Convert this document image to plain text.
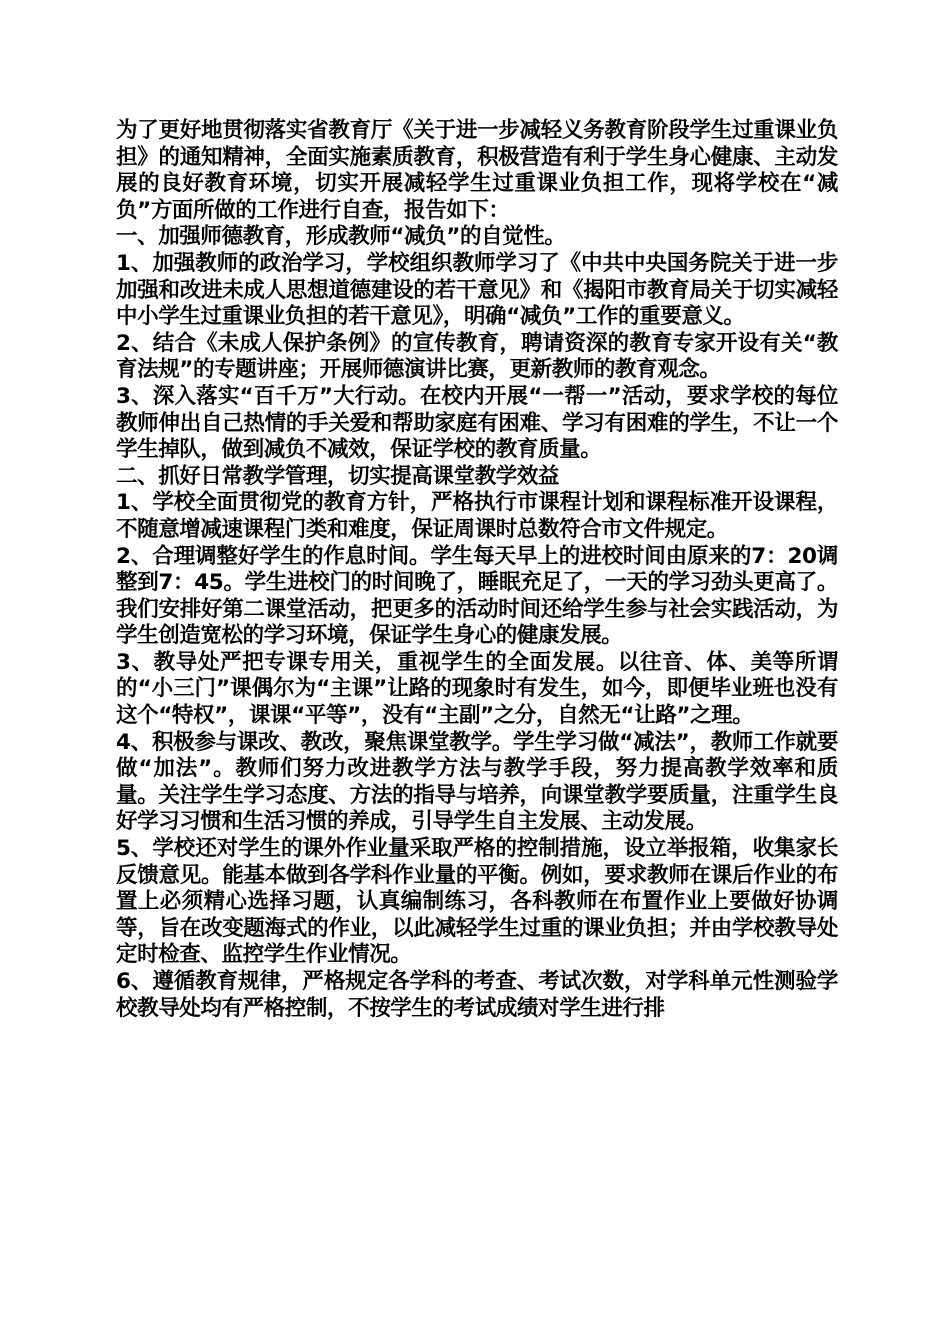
为了更好地贯彻落实省教育厅《关于进一步减轻义务教育阶段学生过重课业负担》的通知精神，全面实施素质教育，积极营造有利于学生身心健康、主动发展的良好教育环境，切实开展减轻学生过重课业负担工作，现将学校在“减负”方面所做的工作进行自查，报告如下：

一、加强师德教育，形成教师“减负”的自觉性。

1、加强教师的政治学习，学校组织教师学习了《中共中央国务院关于进一步加强和改进未成人思想道德建设的若干意见》和《揭阳市教育局关于切实减轻中小学生过重课业负担的若干意见》，明确“减负”工作的重要意义。

2、结合《未成人保护条例》的宣传教育，聘请资深的教育专家开设有关“教育法规”的专题讲座；开展师德演讲比赛，更新教师的教育观念。

3、深入落实“百千万”大行动。在校内开展“一帮一”活动，要求学校的每位教师伸出自己热情的手关爱和帮助家庭有困难、学习有困难的学生，不让一个学生掉队，做到减负不减效，保证学校的教育质量。

二、抓好日常教学管理，切实提高课堂教学效益

1、学校全面贯彻党的教育方针，严格执行市课程计划和课程标准开设课程，不随意增减速课程门类和难度，保证周课时总数符合市文件规定。

2、合理调整好学生的作息时间。学生每天早上的进校时间由原来的7：20调整到7：45。学生进校门的时间晚了，睡眠充足了，一天的学习劲头更高了。我们安排好第二课堂活动，把更多的活动时间还给学生参与社会实践活动，为学生创造宽松的学习环境，保证学生身心的健康发展。

3、教导处严把专课专用关，重视学生的全面发展。以往音、体、美等所谓的“小三门”课偶尔为“主课”让路的现象时有发生，如今，即便毕业班也没有这个“特权”，课课“平等”，没有“主副”之分，自然无“让路”之理。

4、积极参与课改、教改，聚焦课堂教学。学生学习做“减法”，教师工作就要做“加法”。教师们努力改进教学方法与教学手段，努力提高教学效率和质量。关注学生学习态度、方法的指导与培养，向课堂教学要质量，注重学生良好学习习惯和生活习惯的养成，引导学生自主发展、主动发展。

5、学校还对学生的课外作业量采取严格的控制措施，设立举报箱，收集家长反馈意见。能基本做到各学科作业量的平衡。例如，要求教师在课后作业的布置上必须精心选择习题，认真编制练习，各科教师在布置作业上要做好协调等，旨在改变题海式的作业，以此减轻学生过重的课业负担；并由学校教导处定时检查、监控学生作业情况。

6、遵循教育规律，严格规定各学科的考查、考试次数，对学科单元性测验学校教导处均有严格控制，不按学生的考试成绩对学生进行排
